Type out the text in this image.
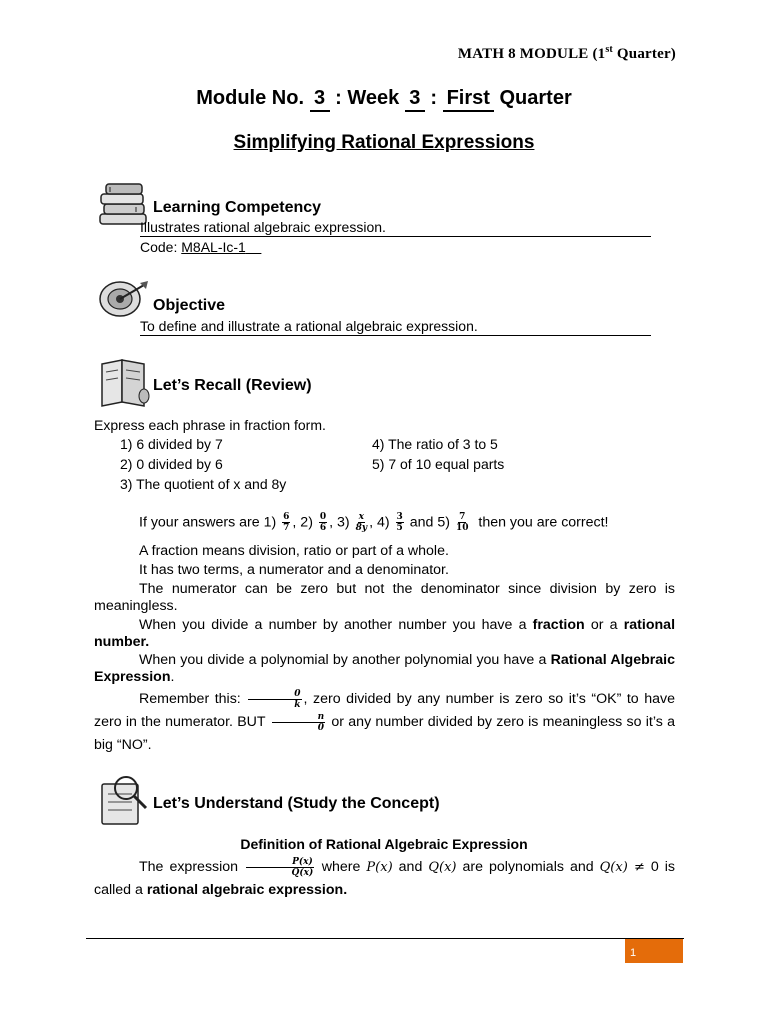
MATH 8 MODULE (1st Quarter)
Module No. 3 : Week 3 : First Quarter
Simplifying Rational Expressions
Learning Competency
Illustrates rational algebraic expression.
Code: M8AL-Ic-1
Objective
To define and illustrate a rational algebraic expression.
Let’s Recall (Review)
Express each phrase in fraction form.
1) 6 divided by 7
2) 0 divided by 6
3) The quotient of x and 8y
4) The ratio of 3 to 5
5) 7 of 10 equal parts
If your answers are $1) \frac{6}{7}$ , $2) \frac{0}{6}$ , $3) \frac{x}{8y}$ , $4) \frac{3}{5}$ and $5) \frac{7}{10}$ then you are correct!
A fraction means division, ratio or part of a whole.
It has two terms, a numerator and a denominator.
The numerator can be zero but not the denominator since division by zero is meaningless.
When you divide a number by another number you have a fraction or a rational number.
When you divide a polynomial by another polynomial you have a Rational Algebraic Expression.
Remember this: $\frac{0}{k}$ , zero divided by any number is zero so it’s “OK” to have zero in the numerator. BUT $\frac{n}{0}$ or any number divided by zero is meaningless so it’s a big “NO”.
Let’s Understand (Study the Concept)
Definition of Rational Algebraic Expression
The expression $\frac{P(x)}{Q(x)}$ where P(x) and Q(x) are polynomials and Q(x) ≠ 0 is called a rational algebraic expression.
1
